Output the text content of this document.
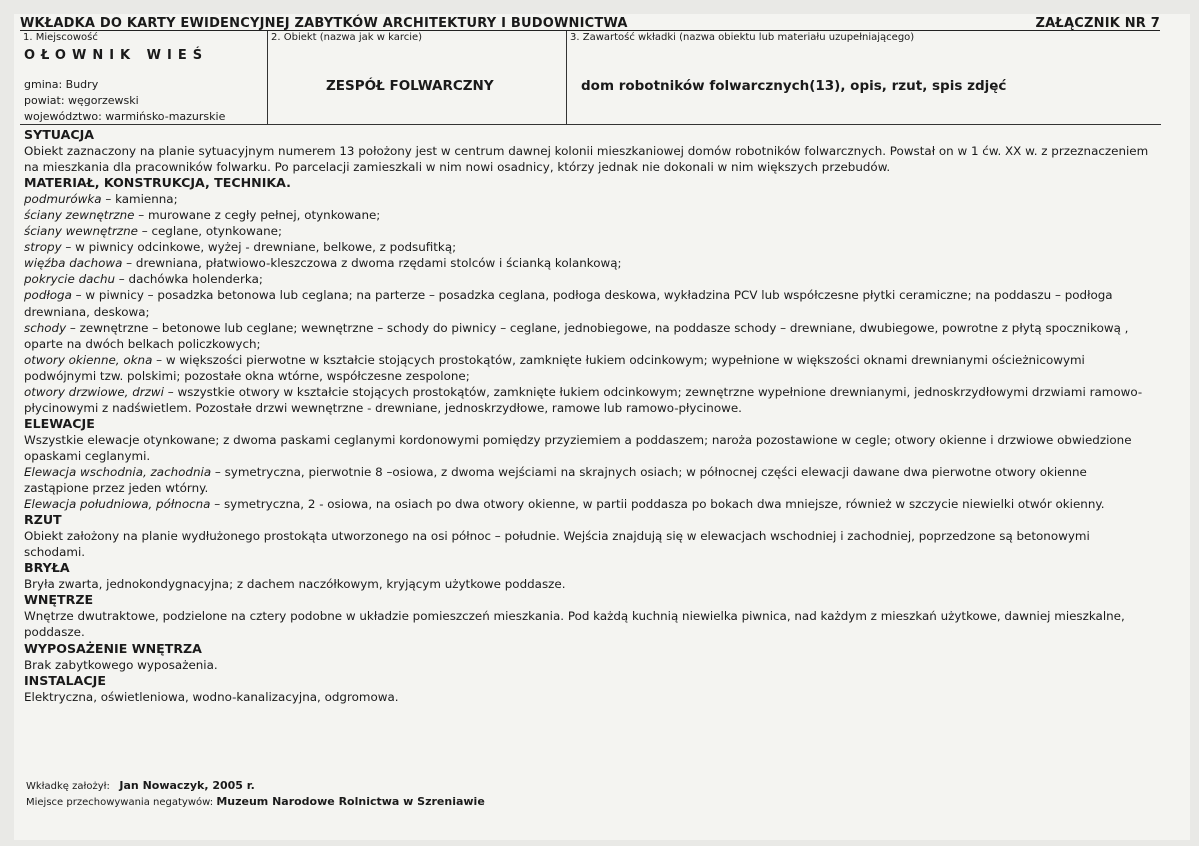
WKŁADKA DO KARTY EWIDENCYJNEJ ZABYTKÓW ARCHITEKTURY I BUDOWNICTWA	ZAŁĄCZNIK NR 7
1. Miejscowość
OŁOWNIK WIEŚ
gmina: Budry
powiat: węgorzewski
województwo: warmińsko-mazurskie
2. Obiekt (nazwa jak w karcie)
ZESPÓŁ FOLWARCZNY
3. Zawartość wkładki (nazwa obiektu lub materiału uzupełniającego)
dom robotników folwarcznych(13), opis, rzut, spis zdjęć

SYTUACJA

Obiekt zaznaczony na planie sytuacyjnym numerem 13 położony jest w centrum dawnej kolonii mieszkaniowej domów robotników folwarcznych. Powstał on w 1 ćw. XX w. z przeznaczeniem na mieszkania dla pracowników folwarku. Po parcelacji zamieszkali w nim nowi osadnicy, którzy jednak nie dokonali w nim większych przebudów.

MATERIAŁ, KONSTRUKCJA, TECHNIKA.

podmurówka – kamienna;

ściany zewnętrzne – murowane z cegły pełnej, otynkowane;

ściany wewnętrzne – ceglane, otynkowane;

stropy – w piwnicy odcinkowe, wyżej - drewniane, belkowe, z podsufitką;

więźba dachowa – drewniana, płatwiowo-kleszczowa z dwoma rzędami stolców i ścianką kolankową;

pokrycie dachu – dachówka holenderka;

podłoga – w piwnicy – posadzka betonowa lub ceglana; na parterze – posadzka ceglana, podłoga deskowa, wykładzina PCV lub współczesne płytki ceramiczne; na poddaszu – podłoga drewniana, deskowa;

schody – zewnętrzne – betonowe lub ceglane; wewnętrzne – schody do piwnicy – ceglane, jednobiegowe, na poddasze schody – drewniane, dwubiegowe, powrotne z płytą spocznikową , oparte na dwóch belkach policzkowych;

otwory okienne, okna – w większości pierwotne w kształcie stojących prostokątów, zamknięte łukiem odcinkowym; wypełnione w większości oknami drewnianymi ościeżnicowymi podwójnymi tzw. polskimi; pozostałe okna wtórne, współczesne zespolone;

otwory drzwiowe, drzwi – wszystkie otwory w kształcie stojących prostokątów, zamknięte łukiem odcinkowym; zewnętrzne wypełnione drewnianymi, jednoskrzydłowymi drzwiami ramowo-płycinowymi z nadświetlem. Pozostałe drzwi wewnętrzne - drewniane, jednoskrzydłowe, ramowe lub ramowo-płycinowe.

ELEWACJE

Wszystkie elewacje otynkowane; z dwoma paskami ceglanymi kordonowymi pomiędzy przyziemiem a poddaszem; naroża pozostawione w cegle; otwory okienne i drzwiowe obwiedzione opaskami ceglanymi.

Elewacja wschodnia, zachodnia – symetryczna, pierwotnie 8 –osiowa, z dwoma wejściami na skrajnych osiach; w północnej części elewacji dawane dwa pierwotne otwory okienne zastąpione przez jeden wtórny.

Elewacja południowa, północna – symetryczna, 2 - osiowa, na osiach po dwa otwory okienne, w partii poddasza po bokach dwa mniejsze, również w szczycie niewielki otwór okienny.

RZUT

Obiekt założony na planie wydłużonego prostokąta utworzonego na osi północ – południe. Wejścia znajdują się w elewacjach wschodniej i zachodniej, poprzedzone są betonowymi schodami.

BRYŁA

Bryła zwarta, jednokondygnacyjna; z dachem naczółkowym, kryjącym użytkowe poddasze.

WNĘTRZE

Wnętrze dwutraktowe, podzielone na cztery podobne w układzie pomieszczeń mieszkania. Pod każdą kuchnią niewielka piwnica, nad każdym z mieszkań użytkowe, dawniej mieszkalne, poddasze.

WYPOSAŻENIE WNĘTRZA

Brak zabytkowego wyposażenia.

INSTALACJE

Elektryczna, oświetleniowa, wodno-kanalizacyjna, odgromowa.

Wkładkę założył: Jan Nowaczyk, 2005 r.
Miejsce przechowywania negatywów: Muzeum Narodowe Rolnictwa w Szreniawie
